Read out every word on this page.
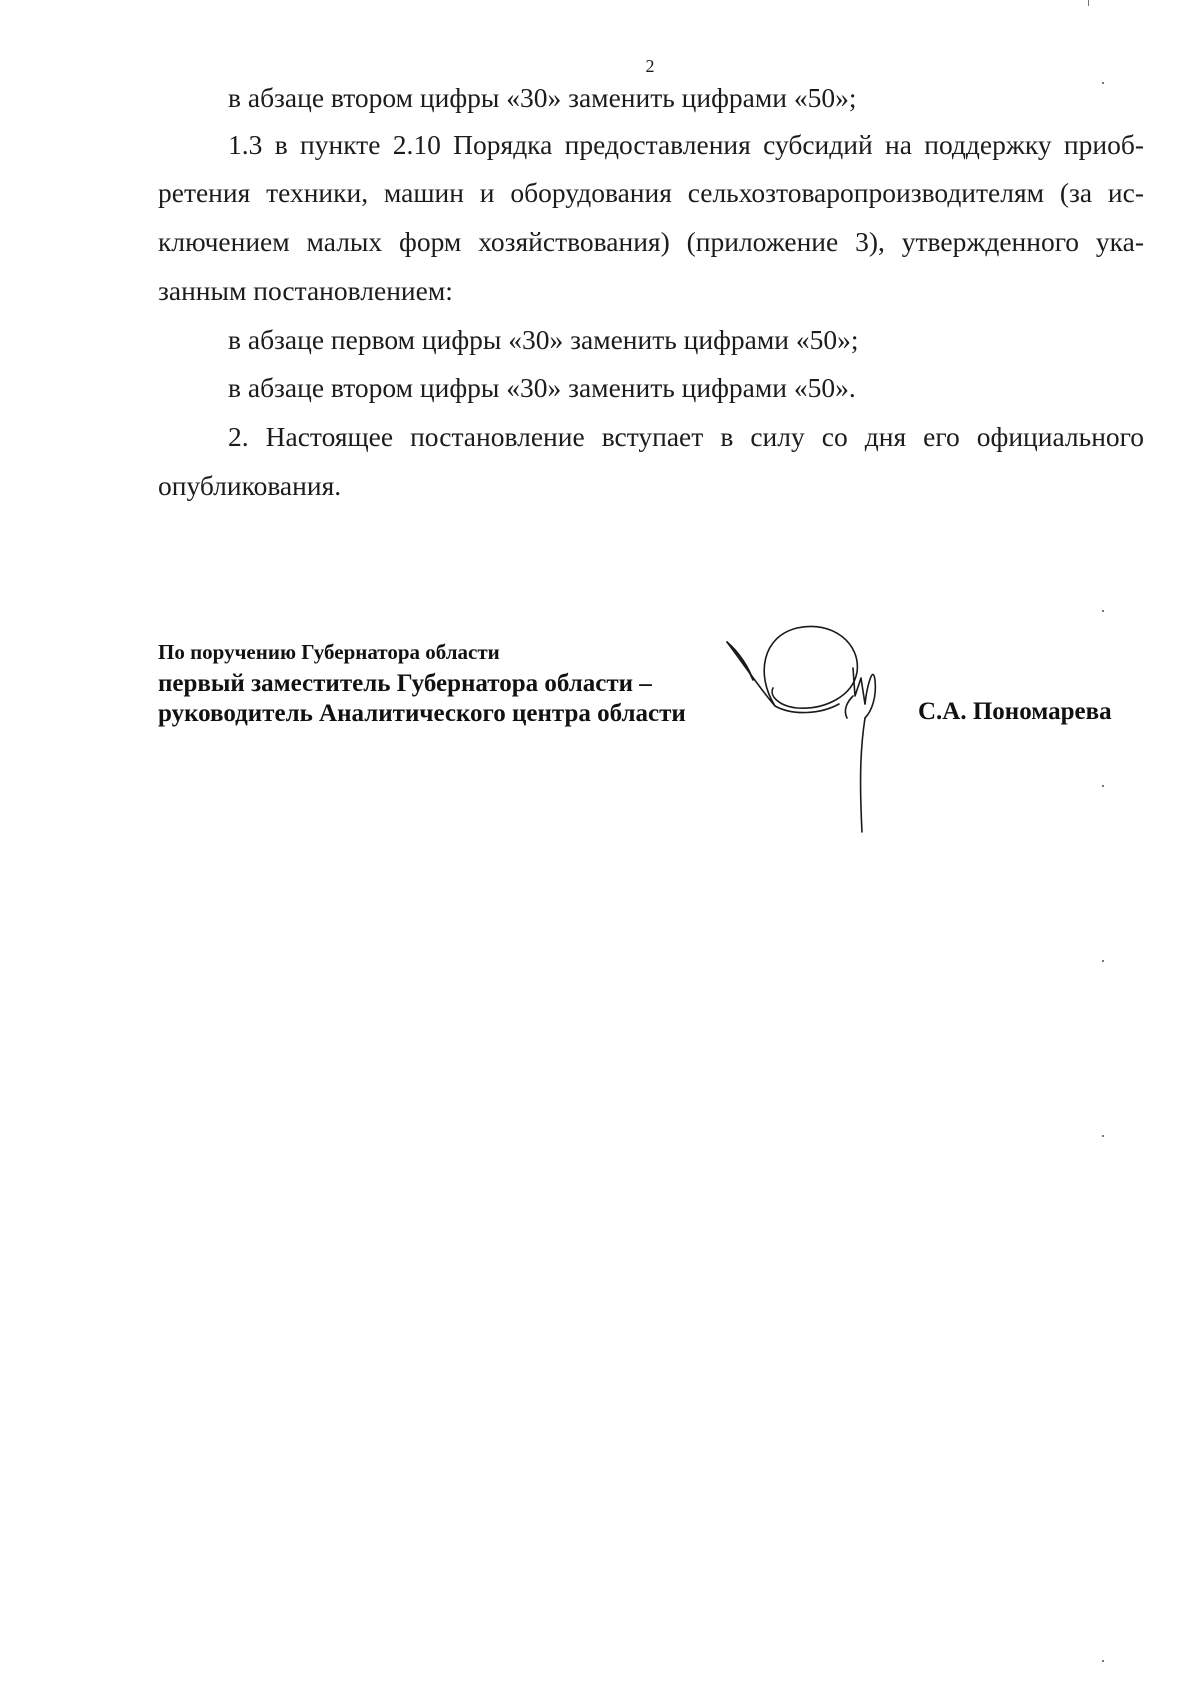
2
в абзаце втором цифры «30» заменить цифрами «50»;
1.3 в пункте 2.10 Порядка предоставления субсидий на поддержку приоб-
ретения техники, машин и оборудования сельхозтоваропроизводителям (за ис-
ключением малых форм хозяйствования) (приложение 3), утвержденного ука-
занным постановлением:
в абзаце первом цифры «30» заменить цифрами «50»;
в абзаце втором цифры «30» заменить цифрами «50».
2. Настоящее постановление вступает в силу со дня его официального
опубликования.
По поручению Губернатора области
первый заместитель Губернатора области –
руководитель Аналитического центра области	С.А. Пономарева
